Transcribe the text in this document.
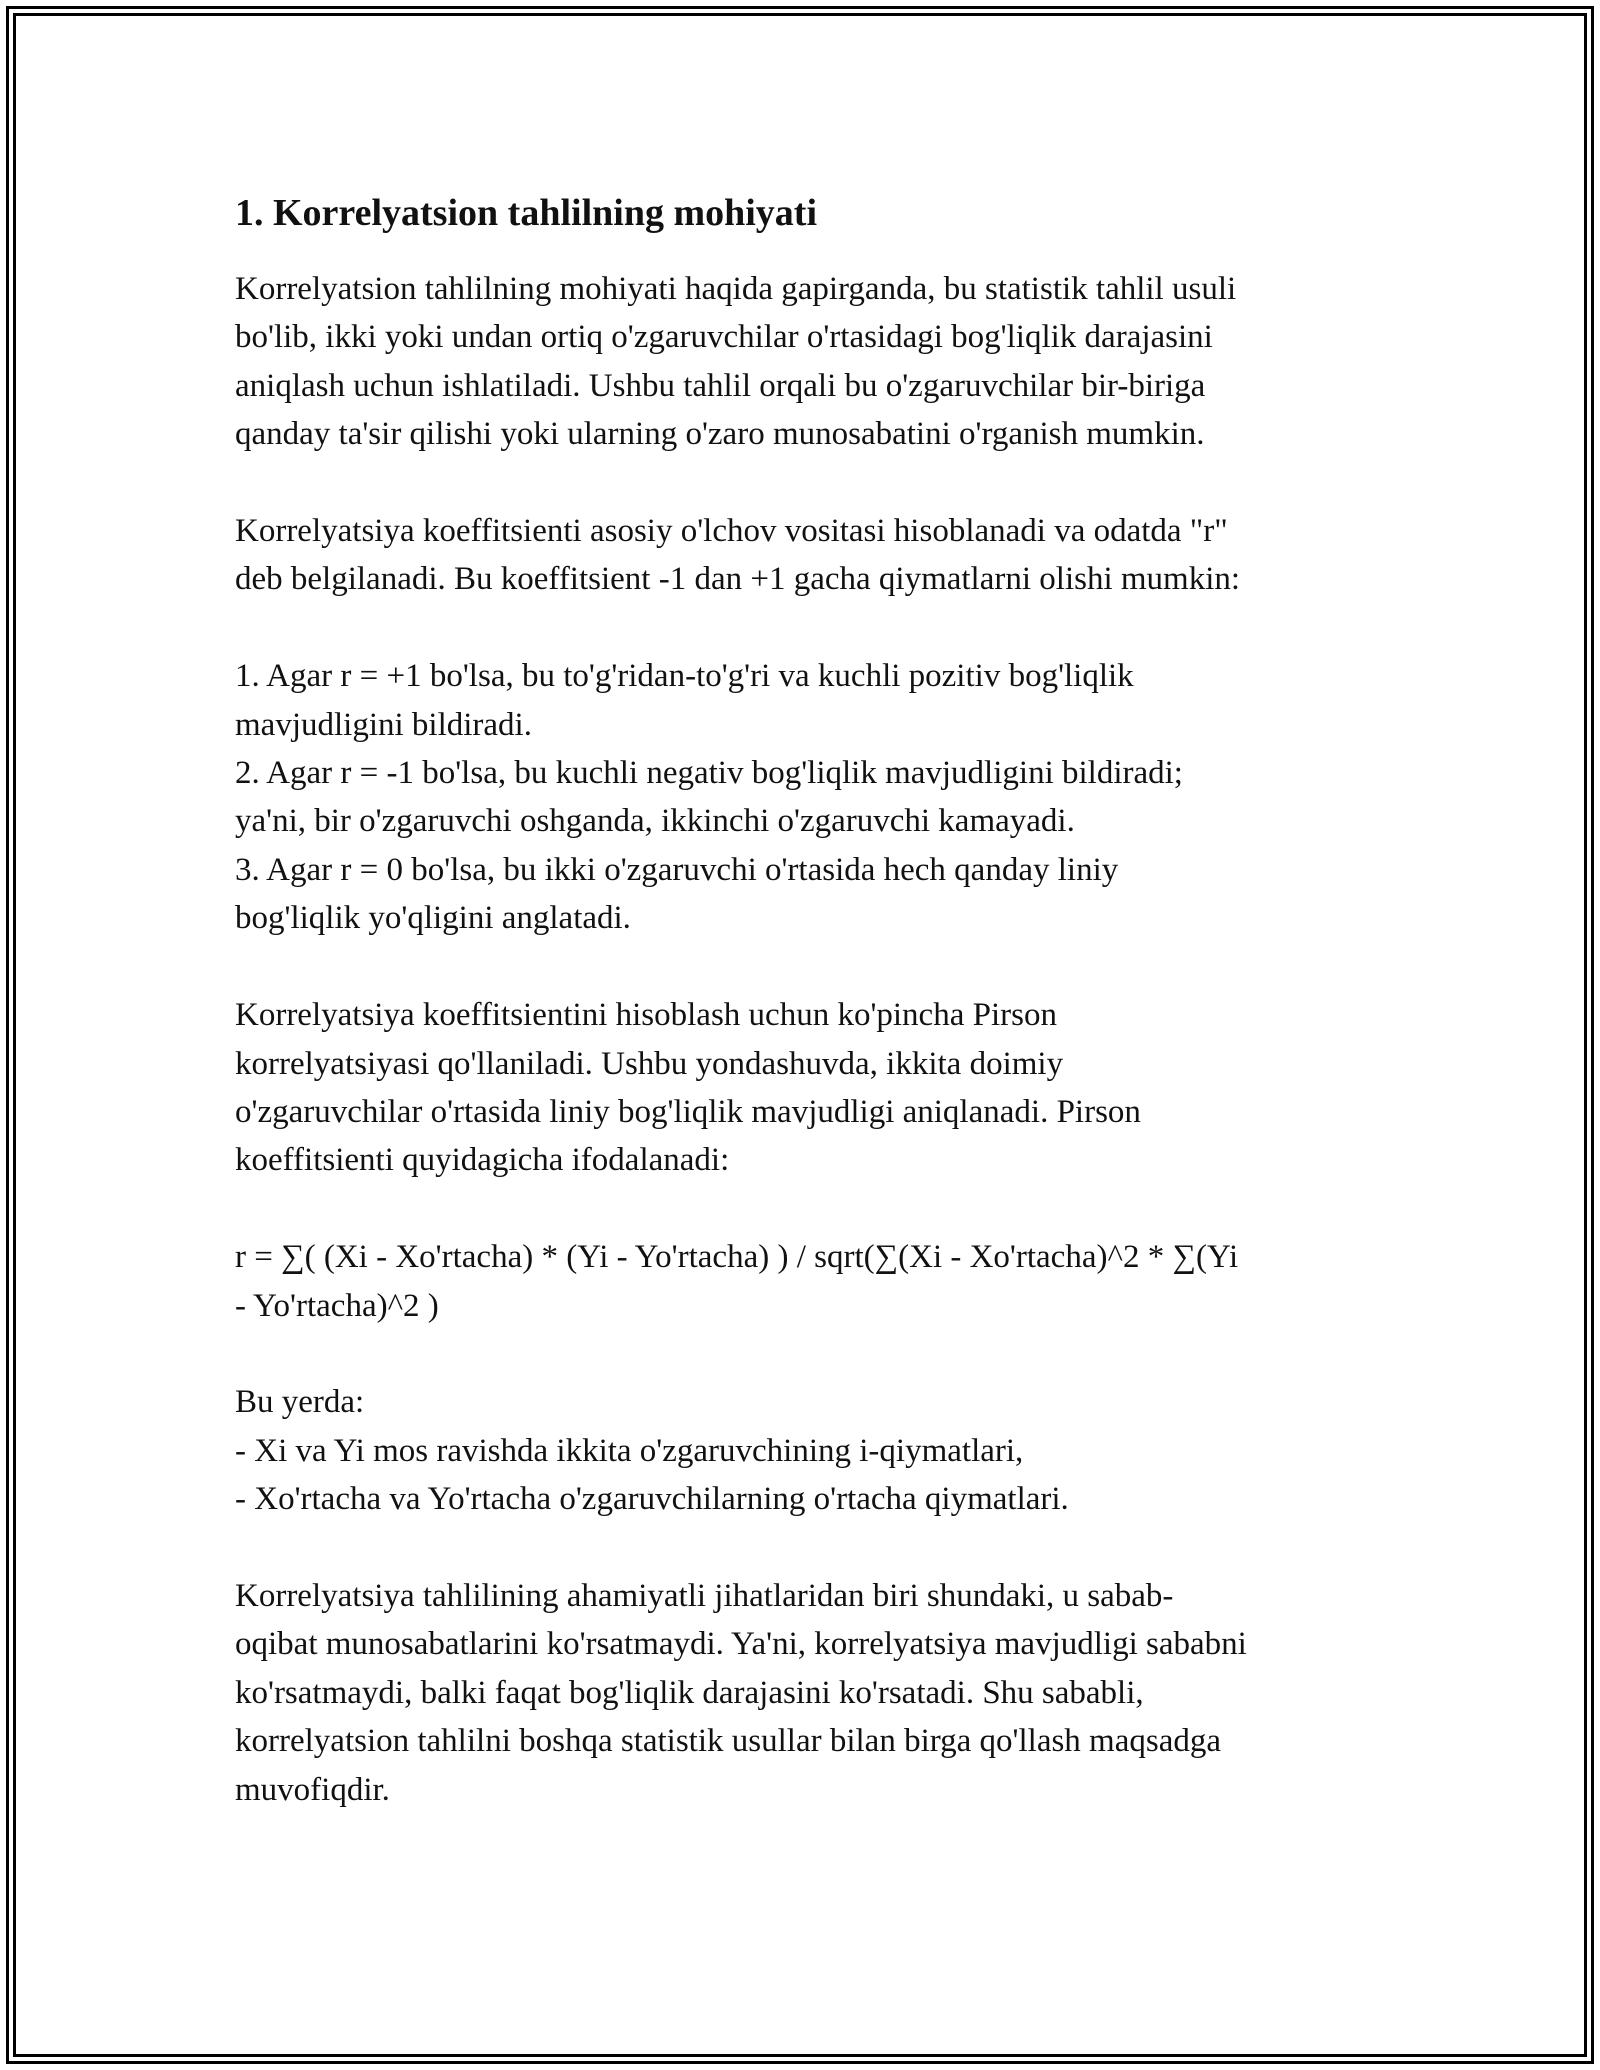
1. Korrelyatsion tahlilning mohiyati

Korrelyatsion tahlilning mohiyati haqida gapirganda, bu statistik tahlil usuli
bo'lib, ikki yoki undan ortiq o'zgaruvchilar o'rtasidagi bog'liqlik darajasini
aniqlash uchun ishlatiladi. Ushbu tahlil orqali bu o'zgaruvchilar bir-biriga
qanday ta'sir qilishi yoki ularning o'zaro munosabatini o'rganish mumkin.

Korrelyatsiya koeffitsienti asosiy o'lchov vositasi hisoblanadi va odatda "r"
deb belgilanadi. Bu koeffitsient -1 dan +1 gacha qiymatlarni olishi mumkin:

1. Agar r = +1 bo'lsa, bu to'g'ridan-to'g'ri va kuchli pozitiv bog'liqlik
mavjudligini bildiradi.
2. Agar r = -1 bo'lsa, bu kuchli negativ bog'liqlik mavjudligini bildiradi;
ya'ni, bir o'zgaruvchi oshganda, ikkinchi o'zgaruvchi kamayadi.
3. Agar r = 0 bo'lsa, bu ikki o'zgaruvchi o'rtasida hech qanday liniy
bog'liqlik yo'qligini anglatadi.

Korrelyatsiya koeffitsientini hisoblash uchun ko'pincha Pirson
korrelyatsiyasi qo'llaniladi. Ushbu yondashuvda, ikkita doimiy
o'zgaruvchilar o'rtasida liniy bog'liqlik mavjudligi aniqlanadi. Pirson
koeffitsienti quyidagicha ifodalanadi:

r = ∑( (Xi - Xo'rtacha) * (Yi - Yo'rtacha) ) / sqrt(∑(Xi - Xo'rtacha)^2 * ∑(Yi
- Yo'rtacha)^2 )

Bu yerda:
- Xi va Yi mos ravishda ikkita o'zgaruvchining i-qiymatlari,
- Xo'rtacha va Yo'rtacha o'zgaruvchilarning o'rtacha qiymatlari.

Korrelyatsiya tahlilining ahamiyatli jihatlaridan biri shundaki, u sabab-
oqibat munosabatlarini ko'rsatmaydi. Ya'ni, korrelyatsiya mavjudligi sababni
ko'rsatmaydi, balki faqat bog'liqlik darajasini ko'rsatadi. Shu sababli,
korrelyatsion tahlilni boshqa statistik usullar bilan birga qo'llash maqsadga
muvofiqdir.
